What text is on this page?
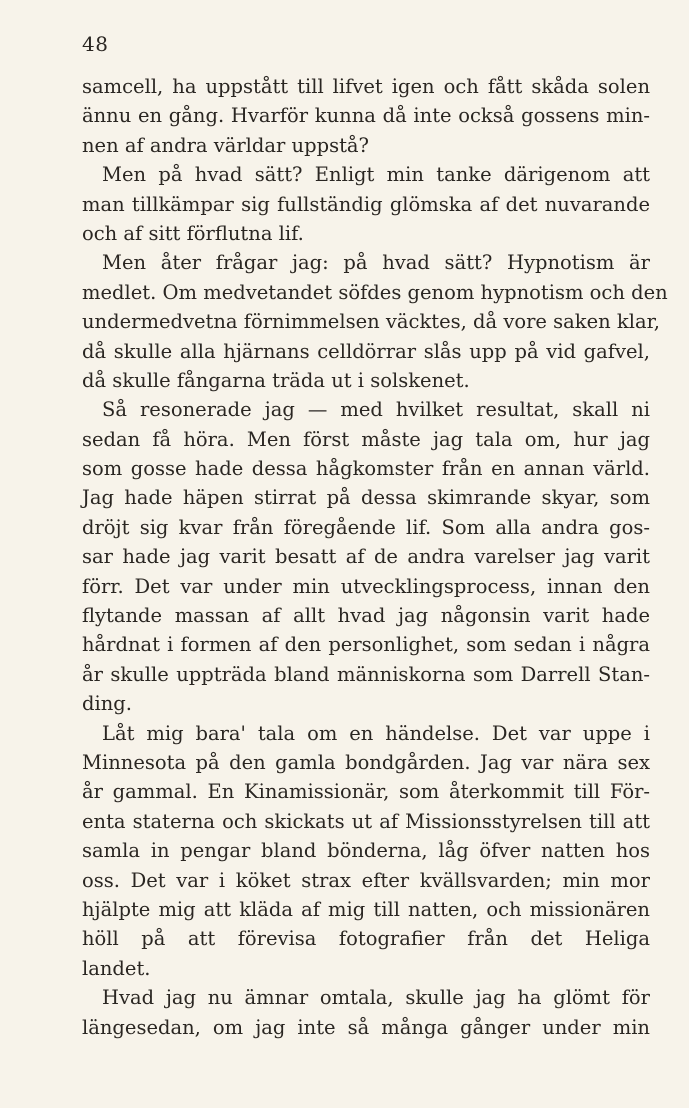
48
samcell, ha uppstått till lifvet igen och fått skåda solen
ännu en gång. Hvarför kunna då inte också gossens min-
nen af andra världar uppstå?
Men på hvad sätt? Enligt min tanke därigenom att
man tillkämpar sig fullständig glömska af det nuvarande
och af sitt förflutna lif.
Men åter frågar jag: på hvad sätt? Hypnotism är
medlet. Om medvetandet söfdes genom hypnotism och den
undermedvetna förnimmelsen väcktes, då vore saken klar,
då skulle alla hjärnans celldörrar slås upp på vid gafvel,
då skulle fångarna träda ut i solskenet.
Så resonerade jag — med hvilket resultat, skall ni
sedan få höra. Men först måste jag tala om, hur jag
som gosse hade dessa hågkomster från en annan värld.
Jag hade häpen stirrat på dessa skimrande skyar, som
dröjt sig kvar från föregående lif. Som alla andra gos-
sar hade jag varit besatt af de andra varelser jag varit
förr. Det var under min utvecklingsprocess, innan den
flytande massan af allt hvad jag någonsin varit hade
hårdnat i formen af den personlighet, som sedan i några
år skulle uppträda bland människorna som Darrell Stan-
ding.
Låt mig bara' tala om en händelse. Det var uppe i
Minnesota på den gamla bondgården. Jag var nära sex
år gammal. En Kinamissionär, som återkommit till För-
enta staterna och skickats ut af Missionsstyrelsen till att
samla in pengar bland bönderna, låg öfver natten hos
oss. Det var i köket strax efter kvällsvarden; min mor
hjälpte mig att kläda af mig till natten, och missionären
höll på att förevisa fotografier från det Heliga
landet.
Hvad jag nu ämnar omtala, skulle jag ha glömt för
längesedan, om jag inte så många gånger under min
